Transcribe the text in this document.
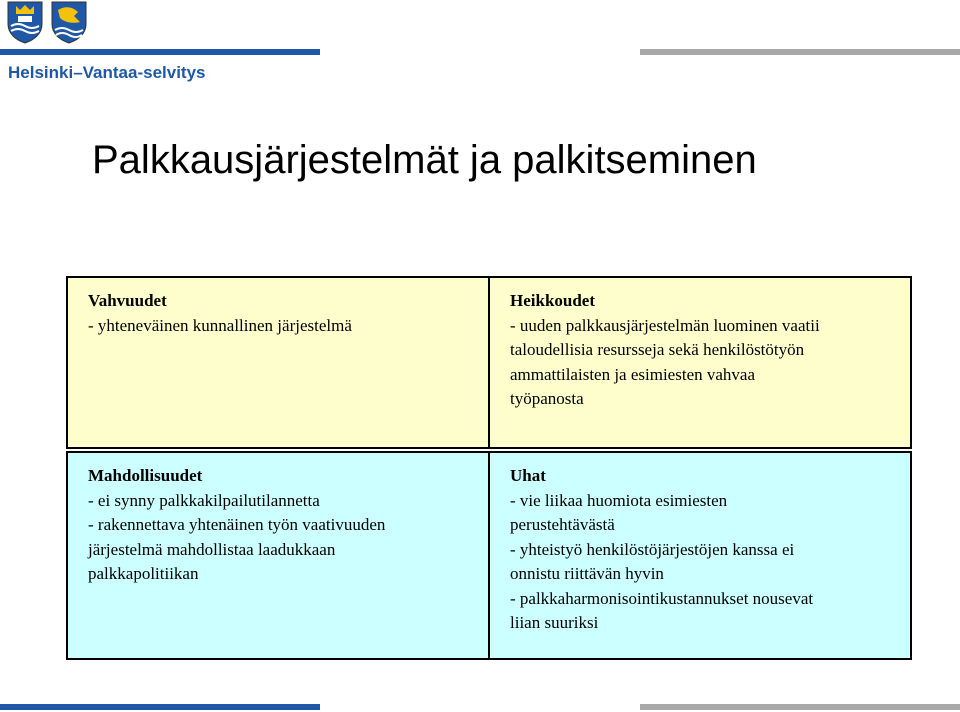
Helsinki–Vantaa-selvitys
Palkkausjärjestelmät ja palkitseminen
Vahvuudet
- yhteneväinen kunnallinen järjestelmä
Heikkoudet
- uuden palkkausjärjestelmän luominen vaatii
taloudellisia resursseja sekä henkilöstötyön
ammattilaisten ja esimiesten vahvaa
työpanosta
Mahdollisuudet
- ei synny palkkakilpailutilannetta
- rakennettava yhtenäinen työn vaativuuden
järjestelmä mahdollistaa laadukkaan
palkkapolitiikan
Uhat
- vie liikaa huomiota esimiesten
perustehtävästä
- yhteistyö henkilöstöjärjestöjen kanssa ei
onnistu riittävän hyvin
- palkkaharmonisointikustannukset nousevat
liian suuriksi
